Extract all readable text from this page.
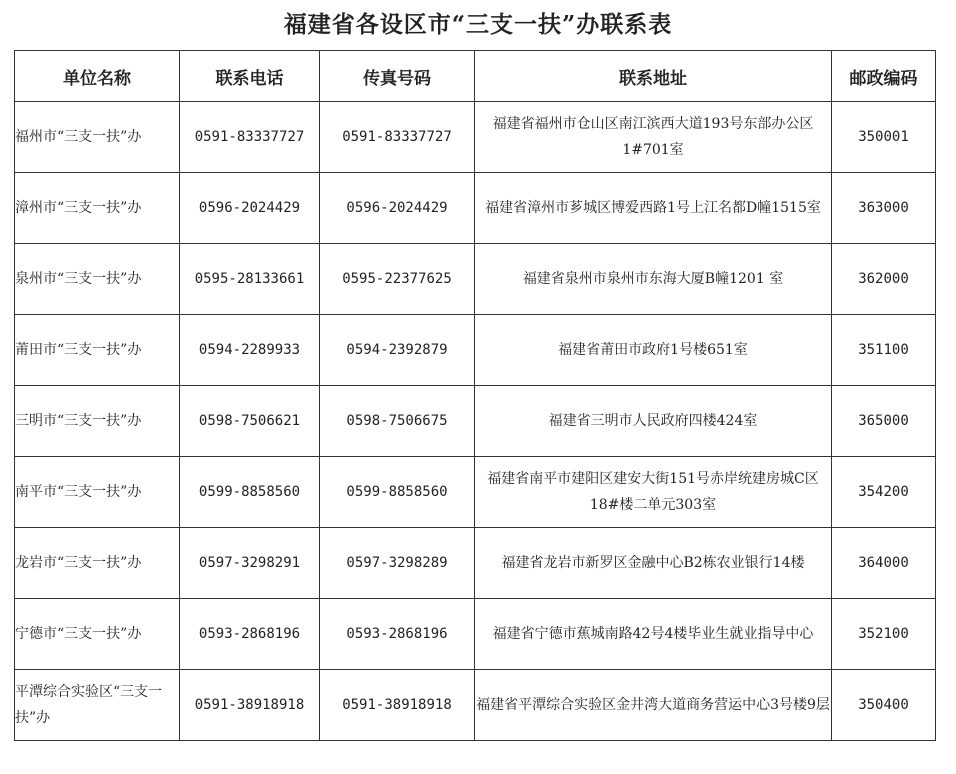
福建省各设区市“三支一扶”办联系表
单位名称	联系电话	传真号码	联系地址	邮政编码
福州市“三支一扶”办	0591-83337727	0591-83337727	福建省福州市仓山区南江滨西大道193号东部办公区1#701室	350001
漳州市“三支一扶”办	0596-2024429	0596-2024429	福建省漳州市芗城区博爱西路1号上江名都D幢1515室	363000
泉州市“三支一扶”办	0595-28133661	0595-22377625	福建省泉州市泉州市东海大厦B幢1201 室	362000
莆田市“三支一扶”办	0594-2289933	0594-2392879	福建省莆田市政府1号楼651室	351100
三明市“三支一扶”办	0598-7506621	0598-7506675	福建省三明市人民政府四楼424室	365000
南平市“三支一扶”办	0599-8858560	0599-8858560	福建省南平市建阳区建安大街151号赤岸统建房城C区18#楼二单元303室	354200
龙岩市“三支一扶”办	0597-3298291	0597-3298289	福建省龙岩市新罗区金融中心B2栋农业银行14楼	364000
宁德市“三支一扶”办	0593-2868196	0593-2868196	福建省宁德市蕉城南路42号4楼毕业生就业指导中心	352100
平潭综合实验区“三支一扶”办	0591-38918918	0591-38918918	福建省平潭综合实验区金井湾大道商务营运中心3号楼9层	350400
